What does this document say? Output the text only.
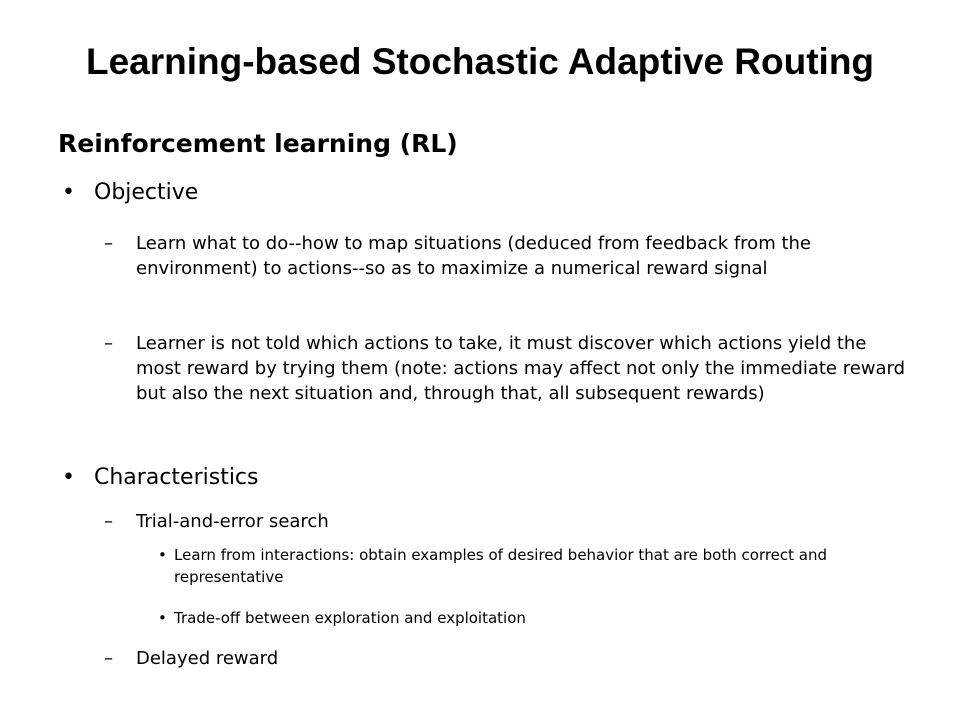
Learning-based Stochastic Adaptive Routing
Reinforcement learning (RL)
• Objective
– Learn what to do--how to map situations (deduced from feedback from the environment) to actions--so as to maximize a numerical reward signal
– Learner is not told which actions to take, it must discover which actions yield the most reward by trying them (note: actions may affect not only the immediate reward but also the next situation and, through that, all subsequent rewards)
• Characteristics
– Trial-and-error search
• Learn from interactions: obtain examples of desired behavior that are both correct and representative
• Trade-off between exploration and exploitation
– Delayed reward
